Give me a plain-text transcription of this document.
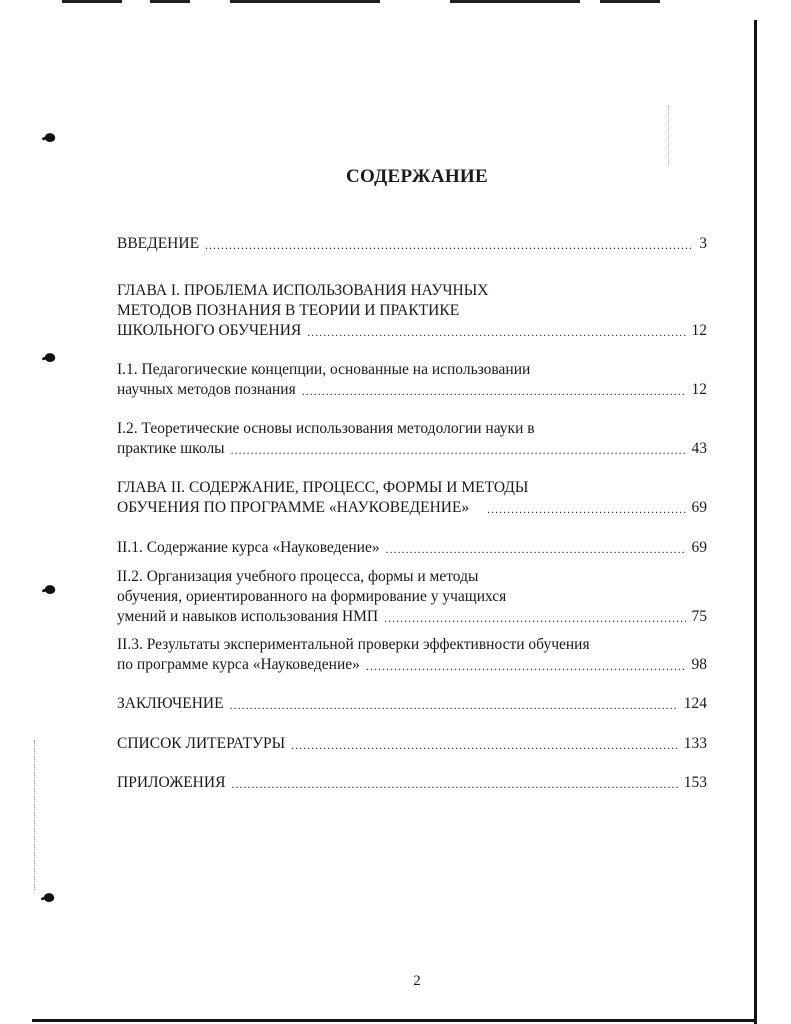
СОДЕРЖАНИЕ
ВВЕДЕНИЕ .....	3
ГЛАВА I. ПРОБЛЕМА ИСПОЛЬЗОВАНИЯ НАУЧНЫХ
МЕТОДОВ ПОЗНАНИЯ В ТЕОРИИ И ПРАКТИКЕ
ШКОЛЬНОГО ОБУЧЕНИЯ .....	12
I.1. Педагогические концепции, основанные на использовании
научных методов познания .....	12
I.2. Теоретические основы использования методологии науки в
практике школы .....	43
ГЛАВА II. СОДЕРЖАНИЕ, ПРОЦЕСС, ФОРМЫ И МЕТОДЫ
ОБУЧЕНИЯ ПО ПРОГРАММЕ «НАУКОВЕДЕНИЕ» .....	69
II.1. Содержание курса «Науковедение» .....	69
II.2. Организация учебного процесса, формы и методы
обучения, ориентированного на формирование у учащихся
умений и навыков использования НМП .....	75
II.3. Результаты экспериментальной проверки эффективности обучения
по программе курса «Науковедение» .....	98
ЗАКЛЮЧЕНИЕ .....	124
СПИСОК ЛИТЕРАТУРЫ .....	133
ПРИЛОЖЕНИЯ .....	153
2
